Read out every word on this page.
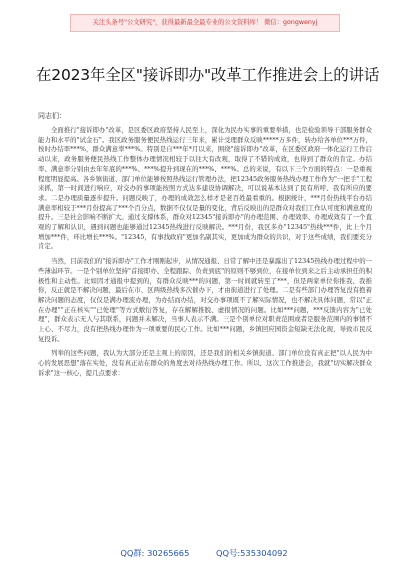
关注头条号"公文研究"，获得最新最全最专业的公文资料库！ 微信：gongwenyj
在2023年全区"接诉即办"改革工作推进会上的讲话
同志们：

全面推行"接诉即办"改革，是区委区政府坚持人民至上，深化为民办实事的重要举措，也是检验领导干部服务群众能力和水平的"试金石"。我区政务服务便民热线运行三年来，累计受理群众反映*****万多件，转办给各单位***万件，按时办结率***%，群众满意率***%。特别是自***年*月以来，围绕"接诉即办"改革，在区委区政府一体化运行工作启动以来，政务服务便民热线工作整体办理情况相较于以往大有改观，取得了不错的成效，也得到了群众的肯定。办结率、满意率分别由去年年底的***%、***%提升到现在的***%、***%。总的来说，有以下三个方面的特点：一是重视程度明显提高。各乡镇街道、部门单位能够按照热线运行管理办法，把12345政务服务热线办理工作作为"一把手"工程来抓，第一时间进行响应，对交办的事项能按照方式达多建设协调解决，可以说基本达到了民有所呼、我有所应的要求。二是办理质量逐步提升。问题反映了，办理的成效怎么样才是老百姓最看重的。根据统计，***月份热线平台办结满意率相较于***月份提高了***个百分点，数据不仅仅是量的变化，背后反映出的是群众对我们工作认可度和满意度的提升。三是社会影响不断扩大。通过支撑体系，群众对12345"接诉即办"的办理范围、办理效率、办理成效有了一个直观的了解和认识，遇到问题也能够通过12345热线进行反映解决。***月份，我区多办"12345"热线***件，比上个月增加***件，环比增长***%。"12345，有事找政府"更加名副其实，更加成为群众的共识，对于这些成绩，我们要充分肯定。

当然，目前我们的"接诉即办"工作才刚刚起步，从情况通报、日常了解中还是暴露出了12345热线办理过程中的一些薄弱环节。一是个别单位坚持"首接即办、全程跟踪、负责到底"的原则不够到位，在接单位到来之后主动承担任的积极性和主动性。比如因才通报中提到的，有群众反映***的问题，第一时间就转至了***，但是两家单位你推我、我推你，反正就是不解决问题，最后在市、区两级热线多次催办下，才由街道进行了处理。二是有些部门办理答复没有抱着解决问题的态度，仅仅是满办理流办理，为办结而办结，对交办事项既不了解实际情况，也不解决具体问题，常以"正在办理""正在核实""已处理"等方式敷衍答复，存在解解推脱、虚报情况的问题。比如***问题，***反馈内容为"已处理"，群众表示无人与其联系，问题并未解决，当事人表示不满。三是个别单位对职责范围或者是服务范围内的事情不上心、不尽力，没有把热线办理作为一项重要的民心工作。比如***问题，乡镇回应园资金短缺无法化现，导致市民反复投诉。

列举的这些问题，我认为大部分还是主观上的原因，还是我们的相关乡镇街道、部门单位没有真正把"以人民为中心的发展思想"落在实处，没有真正站在群众的角度去对待热线办理工作。所以，这次工作推进会，我就"切实解决群众诉求"这一核心，提几点要求：

QQ群: 30265665	QQ号:535304092
